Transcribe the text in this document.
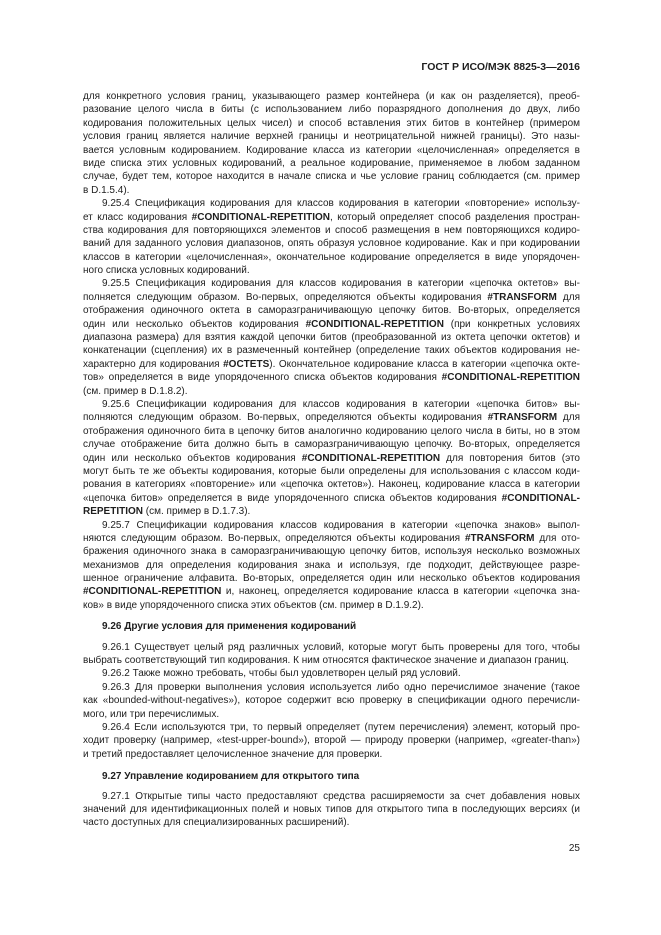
ГОСТ Р ИСО/МЭК 8825-3—2016
для конкретного условия границ, указывающего размер контейнера (и как он разделяется), преоб-
разование целого числа в биты (с использованием либо поразрядного дополнения до двух, либо
кодирования положительных целых чисел) и способ вставления этих битов в контейнер (примером
условия границ является наличие верхней границы и неотрицательной нижней границы). Это назы-
вается условным кодированием. Кодирование класса из категории «целочисленная» определяется в
виде списка этих условных кодирований, а реальное кодирование, применяемое в любом заданном
случае, будет тем, которое находится в начале списка и чье условие границ соблюдается (см. пример
в D.1.5.4).
9.25.4 Спецификация кодирования для классов кодирования в категории «повторение» использу-
ет класс кодирования #CONDITIONAL-REPETITION, который определяет способ разделения простран-
ства кодирования для повторяющихся элементов и способ размещения в нем повторяющихся кодиро-
ваний для заданного условия диапазонов, опять образуя условное кодирование. Как и при кодировании
классов в категории «целочисленная», окончательное кодирование определяется в виде упорядочен-
ного списка условных кодирований.
9.25.5 Спецификация кодирования для классов кодирования в категории «цепочка октетов» вы-
полняется следующим образом. Во-первых, определяются объекты кодирования #TRANSFORM для
отображения одиночного октета в саморазграничивающую цепочку битов. Во-вторых, определяется
один или несколько объектов кодирования #CONDITIONAL-REPETITION (при конкретных условиях
диапазона размера) для взятия каждой цепочки битов (преобразованной из октета цепочки октетов) и
конкатенации (сцепления) их в размеченный контейнер (определение таких объектов кодирования не-
характерно для кодирования #OCTETS). Окончательное кодирование класса в категории «цепочка окте-
тов» определяется в виде упорядоченного списка объектов кодирования #CONDITIONAL-REPETITION
(см. пример в D.1.8.2).
9.25.6 Спецификации кодирования для классов кодирования в категории «цепочка битов» вы-
полняются следующим образом. Во-первых, определяются объекты кодирования #TRANSFORM для
отображения одиночного бита в цепочку битов аналогично кодированию целого числа в биты, но в этом
случае отображение бита должно быть в саморазграничивающую цепочку. Во-вторых, определяется
один или несколько объектов кодирования #CONDITIONAL-REPETITION для повторения битов (это
могут быть те же объекты кодирования, которые были определены для использования с классом коди-
рования в категориях «повторение» или «цепочка октетов»). Наконец, кодирование класса в категории
«цепочка битов» определяется в виде упорядоченного списка объектов кодирования #CONDITIONAL-
REPETITION (см. пример в D.1.7.3).
9.25.7 Спецификации кодирования классов кодирования в категории «цепочка знаков» выпол-
няются следующим образом. Во-первых, определяются объекты кодирования #TRANSFORM для ото-
бражения одиночного знака в саморазграничивающую цепочку битов, используя несколько возможных
механизмов для определения кодирования знака и используя, где подходит, действующее разре-
шенное ограничение алфавита. Во-вторых, определяется один или несколько объектов кодирования
#CONDITIONAL-REPETITION и, наконец, определяется кодирование класса в категории «цепочка зна-
ков» в виде упорядоченного списка этих объектов (см. пример в D.1.9.2).
9.26 Другие условия для применения кодирований
9.26.1 Существует целый ряд различных условий, которые могут быть проверены для того, чтобы
выбрать соответствующий тип кодирования. К ним относятся фактическое значение и диапазон границ.
9.26.2 Также можно требовать, чтобы был удовлетворен целый ряд условий.
9.26.3 Для проверки выполнения условия используется либо одно перечислимое значение (такое
как «bounded-without-negatives»), которое содержит всю проверку в спецификации одного перечисли-
мого, или три перечислимых.
9.26.4 Если используются три, то первый определяет (путем перечисления) элемент, который про-
ходит проверку (например, «test-upper-bound»), второй — природу проверки (например, «greater-than»)
и третий предоставляет целочисленное значение для проверки.
9.27 Управление кодированием для открытого типа
9.27.1 Открытые типы часто предоставляют средства расширяемости за счет добавления новых
значений для идентификационных полей и новых типов для открытого типа в последующих версиях (и
часто доступных для специализированных расширений).
25
